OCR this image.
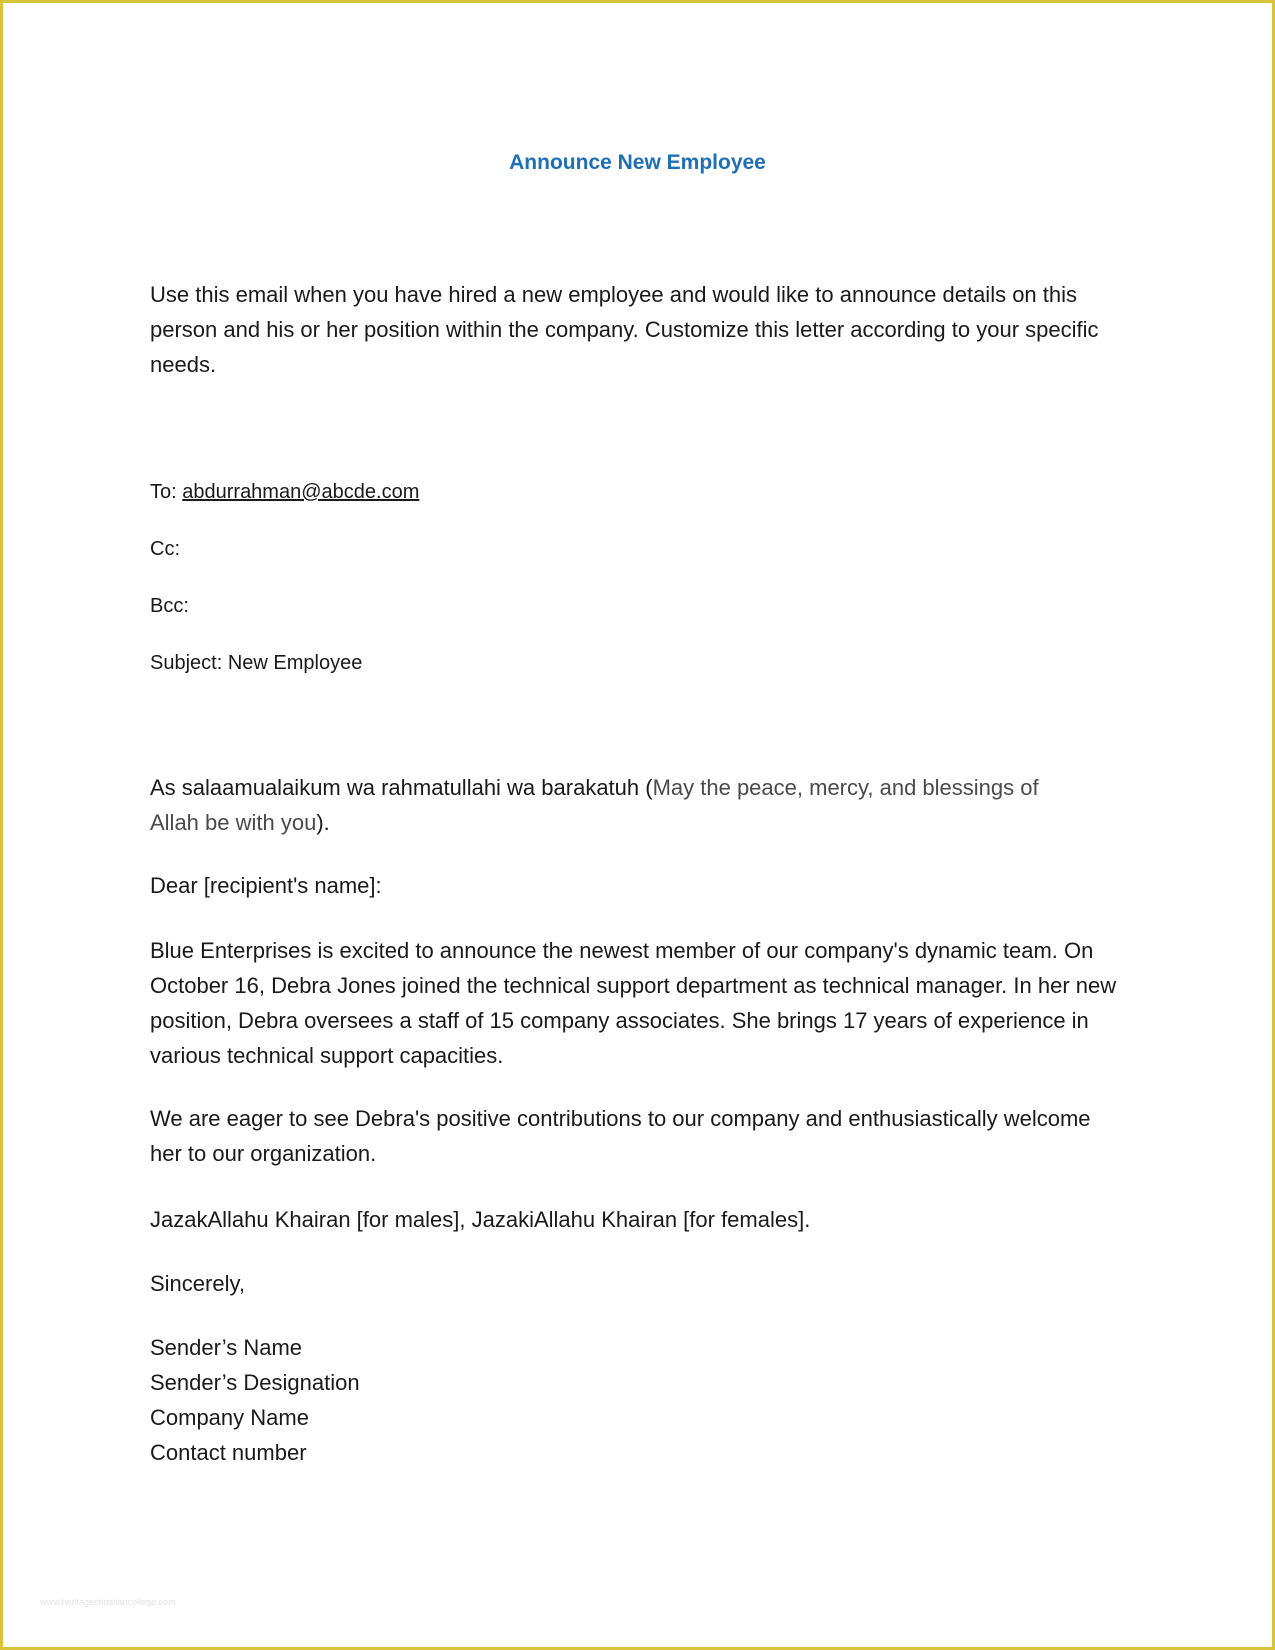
Announce New Employee

Use this email when you have hired a new employee and would like to announce details on this person and his or her position within the company. Customize this letter according to your specific needs.

To: abdurrahman@abcde.com

Cc:

Bcc:

Subject: New Employee

As salaamualaikum wa rahmatullahi wa barakatuh (May the peace, mercy, and blessings of Allah be with you).

Dear [recipient's name]:

Blue Enterprises is excited to announce the newest member of our company's dynamic team. On October 16, Debra Jones joined the technical support department as technical manager. In her new position, Debra oversees a staff of 15 company associates. She brings 17 years of experience in various technical support capacities.

We are eager to see Debra's positive contributions to our company and enthusiastically welcome her to our organization.

JazakAllahu Khairan [for males], JazakiAllahu Khairan [for females].

Sincerely,

Sender’s Name
Sender’s Designation
Company Name
Contact number

www.heritagechristiancollege.com
